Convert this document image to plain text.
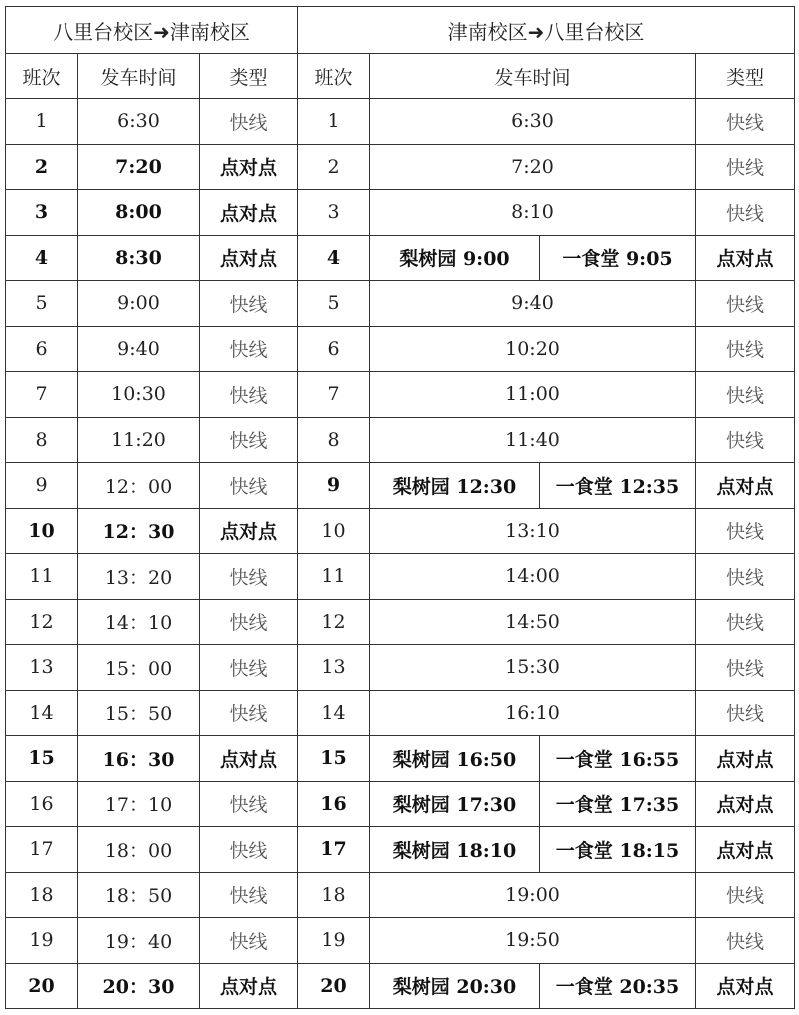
八里台校区➜津南校区			津南校区➜八里台校区			
班次	发车时间	类型	班次	发车时间		类型
1	6:30	快线	1	6:30		快线
2	7:20	点对点	2	7:20		快线
3	8:00	点对点	3	8:10		快线
4	8:30	点对点	4	梨树园 9:00	一食堂 9:05	点对点
5	9:00	快线	5	9:40		快线
6	9:40	快线	6	10:20		快线
7	10:30	快线	7	11:00		快线
8	11:20	快线	8	11:40		快线
9	12：00	快线	9	梨树园 12:30	一食堂 12:35	点对点
10	12：30	点对点	10	13:10		快线
11	13：20	快线	11	14:00		快线
12	14：10	快线	12	14:50		快线
13	15：00	快线	13	15:30		快线
14	15：50	快线	14	16:10		快线
15	16：30	点对点	15	梨树园 16:50	一食堂 16:55	点对点
16	17：10	快线	16	梨树园 17:30	一食堂 17:35	点对点
17	18：00	快线	17	梨树园 18:10	一食堂 18:15	点对点
18	18：50	快线	18	19:00		快线
19	19：40	快线	19	19:50		快线
20	20：30	点对点	20	梨树园 20:30	一食堂 20:35	点对点
